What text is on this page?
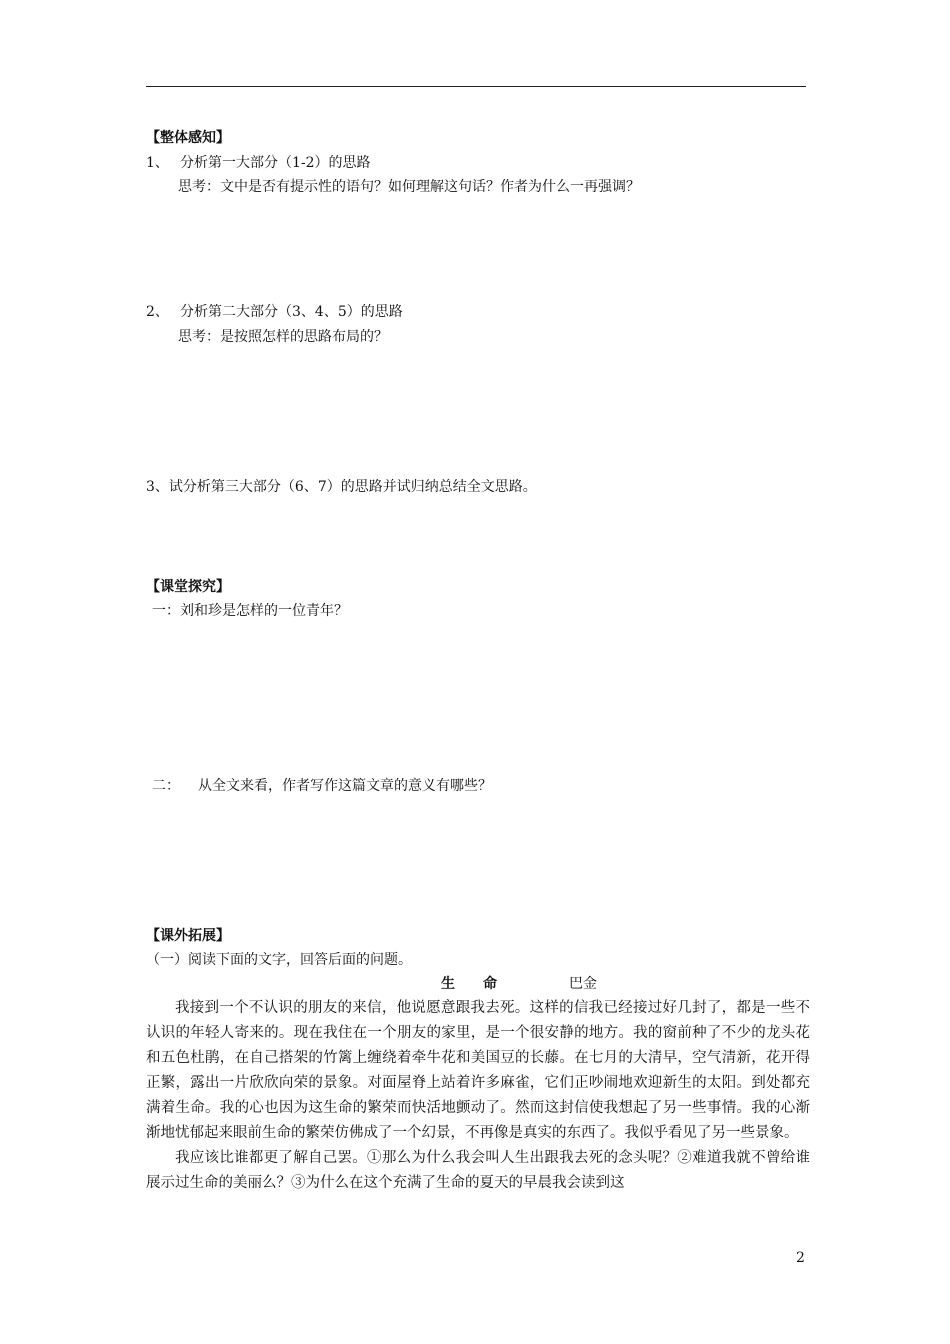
【整体感知】
1、 分析第一大部分（1-2）的思路
思考：文中是否有提示性的语句？如何理解这句话？作者为什么一再强调？
2、 分析第二大部分（3、4、5）的思路
思考：是按照怎样的思路布局的？
3、试分析第三大部分（6、7）的思路并试归纳总结全文思路。
【课堂探究】
一：刘和珍是怎样的一位青年？
二： 从全文来看，作者写作这篇文章的意义有哪些？
【课外拓展】
（一）阅读下面的文字，回答后面的问题。
生　　命	巴金

我接到一个不认识的朋友的来信，他说愿意跟我去死。这样的信我已经接过好几封了，都是一些不认识的年轻人寄来的。现在我住在一个朋友的家里，是一个很安静的地方。我的窗前种了不少的龙头花和五色杜鹃，在自己搭架的竹篱上缠绕着牵牛花和美国豆的长藤。在七月的大清早，空气清新，花开得正繁，露出一片欣欣向荣的景象。对面屋脊上站着许多麻雀，它们正吵闹地欢迎新生的太阳。到处都充满着生命。我的心也因为这生命的繁荣而快活地颤动了。然而这封信使我想起了另一些事情。我的心渐渐地忧郁起来眼前生命的繁荣仿佛成了一个幻景，不再像是真实的东西了。我似乎看见了另一些景象。

我应该比谁都更了解自己罢。①那么为什么我会叫人生出跟我去死的念头呢？②难道我就不曾给谁展示过生命的美丽么？③为什么在这个充满了生命的夏天的早晨我会读到这

2
